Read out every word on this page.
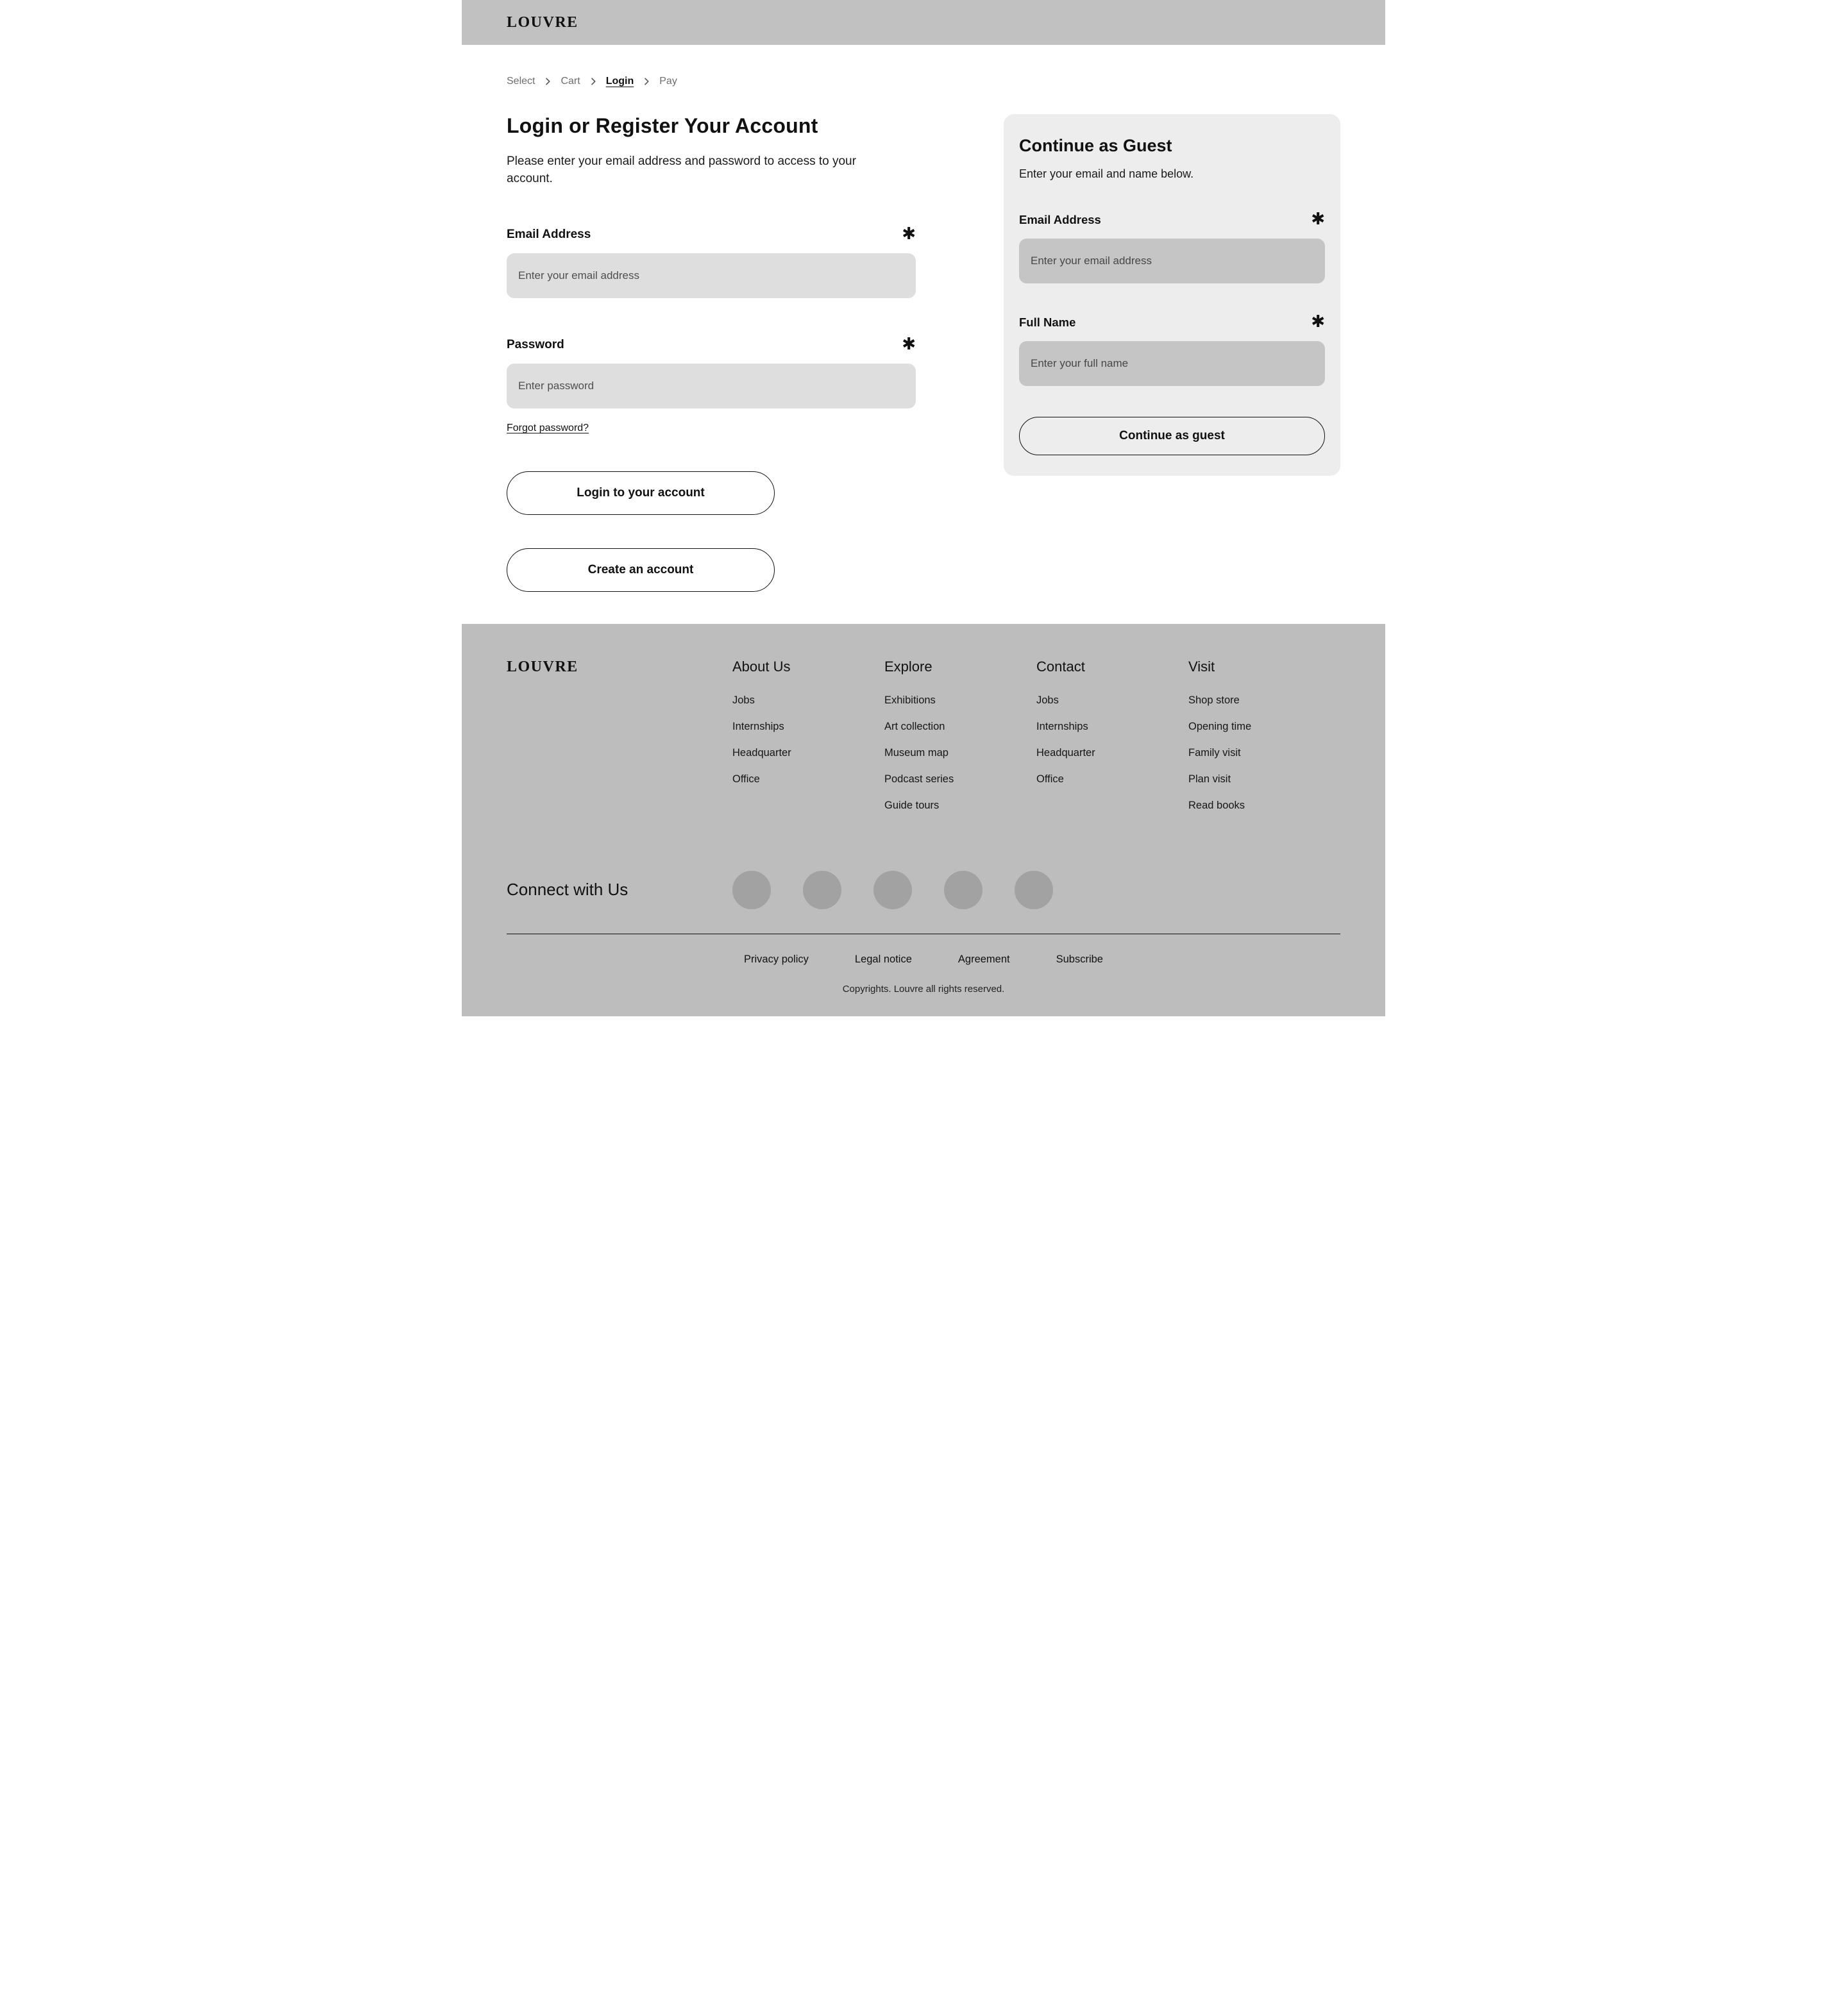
LOUVRE
Select	Cart	Login	Pay
Login or Register Your Account

Please enter your email address and password to access to your account.

Email Address	✱
Enter your email address
Password	✱
Forgot password?
Login to your account
Create an account
Continue as Guest

Enter your email and name below.

Email Address	✱
Enter your email address
Full Name	✱
Enter your full name
Continue as guest
LOUVRE	About Us
Jobs
Internships
Headquarter
Office
Explore
Exhibitions
Art collection
Museum map
Podcast series
Guide tours
Contact
Jobs
Internships
Headquarter
Office
Visit
Shop store
Opening time
Family visit
Plan visit
Read books
Connect with Us
Privacy policy	Legal notice	Agreement	Subscribe
Copyrights. Louvre all rights reserved.
